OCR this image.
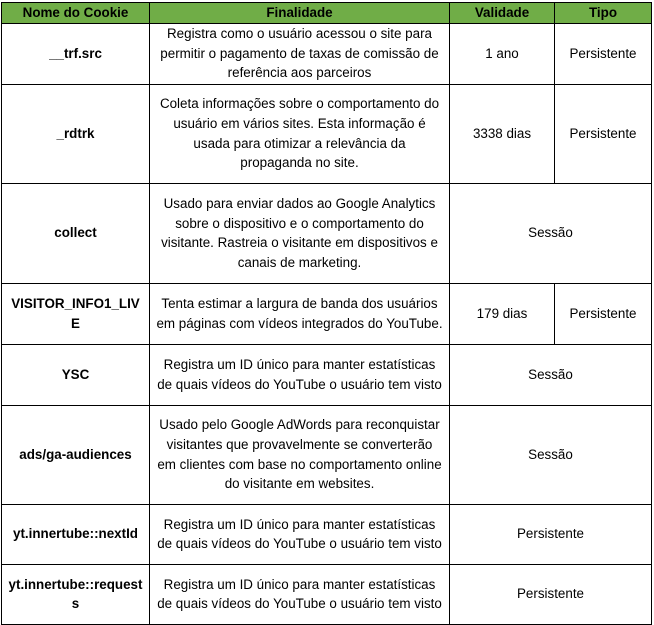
Nome do Cookie	Finalidade	Validade	Tipo
__trf.src	Registra como o usuário acessou o site para permitir o pagamento de taxas de comissão de referência aos parceiros	1 ano	Persistente
_rdtrk	Coleta informações sobre o comportamento do usuário em vários sites. Esta informação é usada para otimizar a relevância da propaganda no site.	3338 dias	Persistente
collect	Usado para enviar dados ao Google Analytics sobre o dispositivo e o comportamento do visitante. Rastreia o visitante em dispositivos e canais de marketing.	Sessão	
VISITOR_INFO1_LIVE	Tenta estimar a largura de banda dos usuários em páginas com vídeos integrados do YouTube.	179 dias	Persistente
YSC	Registra um ID único para manter estatísticas de quais vídeos do YouTube o usuário tem visto	Sessão	
ads/ga-audiences	Usado pelo Google AdWords para reconquistar visitantes que provavelmente se converterão em clientes com base no comportamento online do visitante em websites.	Sessão	
yt.innertube::nextId	Registra um ID único para manter estatísticas de quais vídeos do YouTube o usuário tem visto	Persistente	
yt.innertube::requests	Registra um ID único para manter estatísticas de quais vídeos do YouTube o usuário tem visto	Persistente	
